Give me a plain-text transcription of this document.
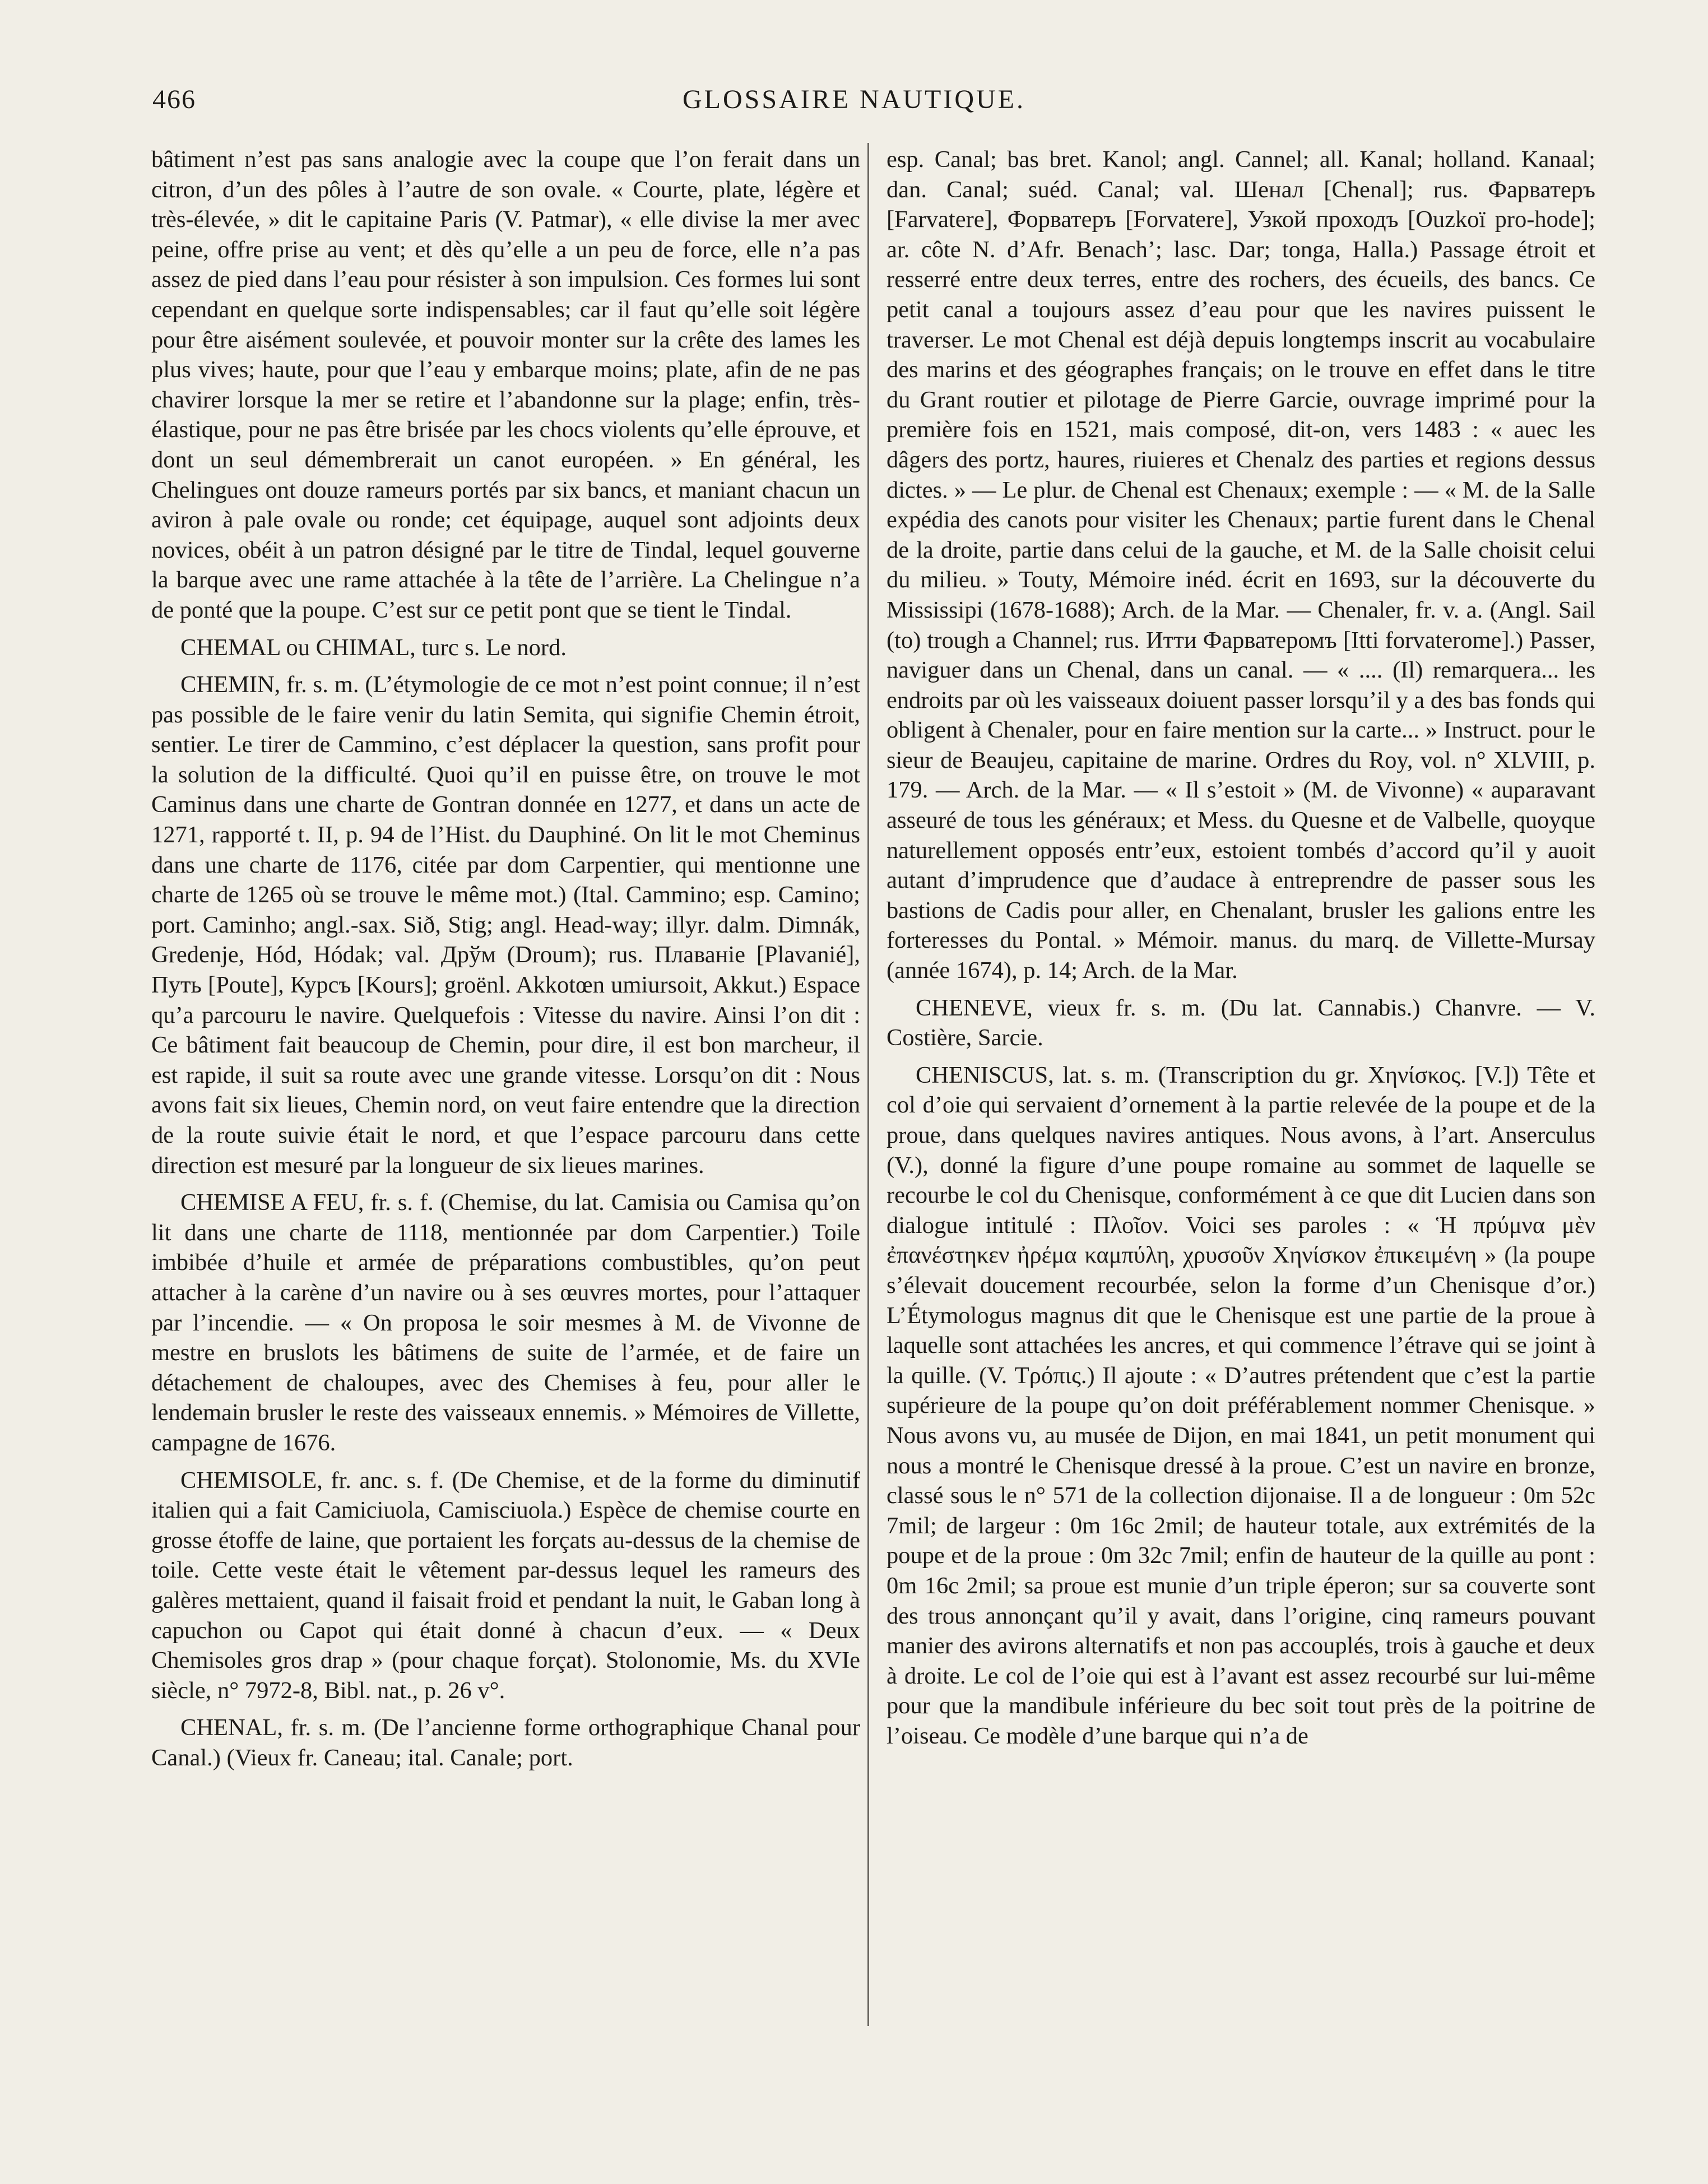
466	GLOSSAIRE NAUTIQUE.

bâtiment n’est pas sans analogie avec la coupe que l’on ferait dans un citron, d’un des pôles à l’autre de son ovale. « Courte, plate, légère et très-élevée, » dit le capitaine Paris (V. Patmar), « elle divise la mer avec peine, offre prise au vent; et dès qu’elle a un peu de force, elle n’a pas assez de pied dans l’eau pour résister à son impulsion. Ces formes lui sont cependant en quelque sorte indispensables; car il faut qu’elle soit légère pour être aisément soulevée, et pouvoir monter sur la crête des lames les plus vives; haute, pour que l’eau y embarque moins; plate, afin de ne pas chavirer lorsque la mer se retire et l’abandonne sur la plage; enfin, très-élastique, pour ne pas être brisée par les chocs violents qu’elle éprouve, et dont un seul démembrerait un canot européen. » En général, les Chelingues ont douze rameurs portés par six bancs, et maniant chacun un aviron à pale ovale ou ronde; cet équipage, auquel sont adjoints deux novices, obéit à un patron désigné par le titre de Tindal, lequel gouverne la barque avec une rame attachée à la tête de l’arrière. La Chelingue n’a de ponté que la poupe. C’est sur ce petit pont que se tient le Tindal.

CHEMAL ou CHIMAL, turc s. Le nord.

CHEMIN, fr. s. m. (L’étymologie de ce mot n’est point connue; il n’est pas possible de le faire venir du latin Semita, qui signifie Chemin étroit, sentier. Le tirer de Cammino, c’est déplacer la question, sans profit pour la solution de la difficulté. Quoi qu’il en puisse être, on trouve le mot Caminus dans une charte de Gontran donnée en 1277, et dans un acte de 1271, rapporté t. II, p. 94 de l’Hist. du Dauphiné. On lit le mot Cheminus dans une charte de 1176, citée par dom Carpentier, qui mentionne une charte de 1265 où se trouve le même mot.) (Ital. Cammino; esp. Camino; port. Caminho; angl.-sax. Sið, Stig; angl. Head-way; illyr. dalm. Dimnák, Gredenje, Hód, Hódak; val. Дрўм (Droum); rus. Плаваніе [Plavanié], Путь [Poute], Курсъ [Kours]; groënl. Akkotœn umiursoit, Akkut.) Espace qu’a parcouru le navire. Quelquefois : Vitesse du navire. Ainsi l’on dit : Ce bâtiment fait beaucoup de Chemin, pour dire, il est bon marcheur, il est rapide, il suit sa route avec une grande vitesse. Lorsqu’on dit : Nous avons fait six lieues, Chemin nord, on veut faire entendre que la direction de la route suivie était le nord, et que l’espace parcouru dans cette direction est mesuré par la longueur de six lieues marines.

CHEMISE A FEU, fr. s. f. (Chemise, du lat. Camisia ou Camisa qu’on lit dans une charte de 1118, mentionnée par dom Carpentier.) Toile imbibée d’huile et armée de préparations combustibles, qu’on peut attacher à la carène d’un navire ou à ses œuvres mortes, pour l’attaquer par l’incendie. — « On proposa le soir mesmes à M. de Vivonne de mestre en bruslots les bâtimens de suite de l’armée, et de faire un détachement de chaloupes, avec des Chemises à feu, pour aller le lendemain brusler le reste des vaisseaux ennemis. » Mémoires de Villette, campagne de 1676.

CHEMISOLE, fr. anc. s. f. (De Chemise, et de la forme du diminutif italien qui a fait Camiciuola, Camisciuola.) Espèce de chemise courte en grosse étoffe de laine, que portaient les forçats au-dessus de la chemise de toile. Cette veste était le vêtement par-dessus lequel les rameurs des galères mettaient, quand il faisait froid et pendant la nuit, le Gaban long à capuchon ou Capot qui était donné à chacun d’eux. — « Deux Chemisoles gros drap » (pour chaque forçat). Stolonomie, Ms. du XVIe siècle, n° 7972-8, Bibl. nat., p. 26 v°.

CHENAL, fr. s. m. (De l’ancienne forme orthographique Chanal pour Canal.) (Vieux fr. Caneau; ital. Canale; port.

esp. Canal; bas bret. Kanol; angl. Cannel; all. Kanal; holland. Kanaal; dan. Canal; suéd. Canal; val. Шенал [Chenal]; rus. Фарватеръ [Farvatere], Форватеръ [Forvatere], Узкой проходъ [Ouzkoï pro-hode]; ar. côte N. d’Afr. Benach’; lasc. Dar; tonga, Halla.) Passage étroit et resserré entre deux terres, entre des rochers, des écueils, des bancs. Ce petit canal a toujours assez d’eau pour que les navires puissent le traverser. Le mot Chenal est déjà depuis longtemps inscrit au vocabulaire des marins et des géographes français; on le trouve en effet dans le titre du Grant routier et pilotage de Pierre Garcie, ouvrage imprimé pour la première fois en 1521, mais composé, dit-on, vers 1483 : « auec les dâgers des portz, haures, riuieres et Chenalz des parties et regions dessus dictes. » — Le plur. de Chenal est Chenaux; exemple : — « M. de la Salle expédia des canots pour visiter les Chenaux; partie furent dans le Chenal de la droite, partie dans celui de la gauche, et M. de la Salle choisit celui du milieu. » Touty, Mémoire inéd. écrit en 1693, sur la découverte du Mississipi (1678-1688); Arch. de la Mar. — Chenaler, fr. v. a. (Angl. Sail (to) trough a Channel; rus. Итти Фарватеромъ [Itti forvaterome].) Passer, naviguer dans un Chenal, dans un canal. — « .... (Il) remarquera... les endroits par où les vaisseaux doiuent passer lorsqu’il y a des bas fonds qui obligent à Chenaler, pour en faire mention sur la carte... » Instruct. pour le sieur de Beaujeu, capitaine de marine. Ordres du Roy, vol. n° XLVIII, p. 179. — Arch. de la Mar. — « Il s’estoit » (M. de Vivonne) « auparavant asseuré de tous les généraux; et Mess. du Quesne et de Valbelle, quoyque naturellement opposés entr’eux, estoient tombés d’accord qu’il y auoit autant d’imprudence que d’audace à entreprendre de passer sous les bastions de Cadis pour aller, en Chenalant, brusler les galions entre les forteresses du Pontal. » Mémoir. manus. du marq. de Villette-Mursay (année 1674), p. 14; Arch. de la Mar.

CHENEVE, vieux fr. s. m. (Du lat. Cannabis.) Chanvre. — V. Costière, Sarcie.

CHENISCUS, lat. s. m. (Transcription du gr. Χηνίσκος. [V.]) Tête et col d’oie qui servaient d’ornement à la partie relevée de la poupe et de la proue, dans quelques navires antiques. Nous avons, à l’art. Anserculus (V.), donné la figure d’une poupe romaine au sommet de laquelle se recourbe le col du Chenisque, conformément à ce que dit Lucien dans son dialogue intitulé : Πλοῖον. Voici ses paroles : « Ἡ πρύμνα μὲν ἐπανέστηκεν ἠρέμα καμπύλη, χρυσοῦν Χηνίσκον ἐπικειμένη » (la poupe s’élevait doucement recourbée, selon la forme d’un Chenisque d’or.) L’Étymologus magnus dit que le Chenisque est une partie de la proue à laquelle sont attachées les ancres, et qui commence l’étrave qui se joint à la quille. (V. Τρόπις.) Il ajoute : « D’autres prétendent que c’est la partie supérieure de la poupe qu’on doit préférablement nommer Chenisque. » Nous avons vu, au musée de Dijon, en mai 1841, un petit monument qui nous a montré le Chenisque dressé à la proue. C’est un navire en bronze, classé sous le n° 571 de la collection dijonaise. Il a de longueur : 0m 52c 7mil; de largeur : 0m 16c 2mil; de hauteur totale, aux extrémités de la poupe et de la proue : 0m 32c 7mil; enfin de hauteur de la quille au pont : 0m 16c 2mil; sa proue est munie d’un triple éperon; sur sa couverte sont des trous annonçant qu’il y avait, dans l’origine, cinq rameurs pouvant manier des avirons alternatifs et non pas accouplés, trois à gauche et deux à droite. Le col de l’oie qui est à l’avant est assez recourbé sur lui-même pour que la mandibule inférieure du bec soit tout près de la poitrine de l’oiseau. Ce modèle d’une barque qui n’a de
